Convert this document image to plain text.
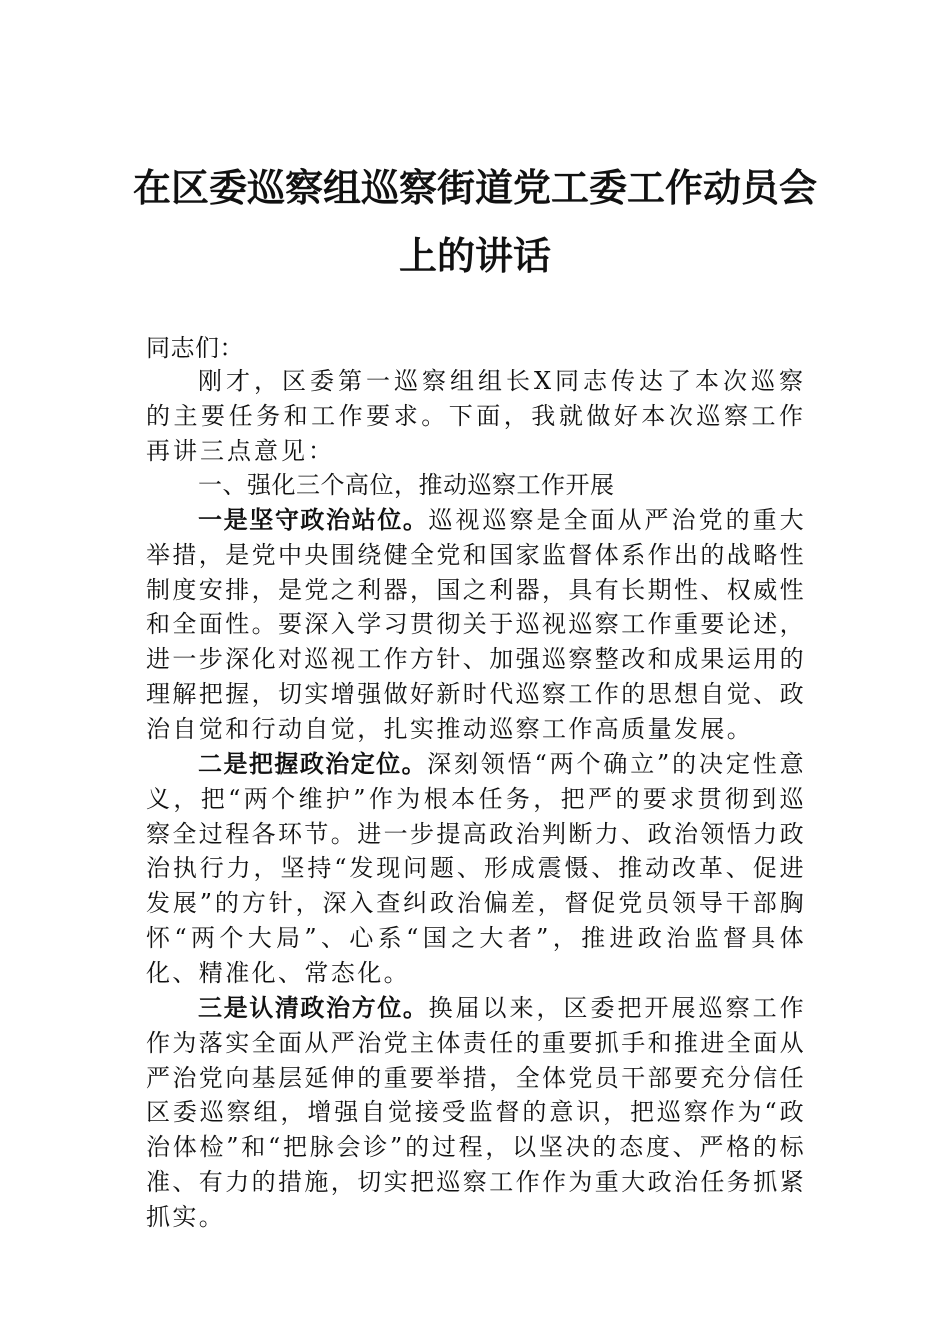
在区委巡察组巡察街道党工委工作动员会
上的讲话

同志们：

刚才，区委第一巡察组组长X同志传达了本次巡察的主要任务和工作要求。下面，我就做好本次巡察工作再讲三点意见：

一、强化三个高位，推动巡察工作开展

一是坚守政治站位。巡视巡察是全面从严治党的重大举措，是党中央围绕健全党和国家监督体系作出的战略性制度安排，是党之利器，国之利器，具有长期性、权威性和全面性。要深入学习贯彻关于巡视巡察工作重要论述，进一步深化对巡视工作方针、加强巡察整改和成果运用的理解把握，切实增强做好新时代巡察工作的思想自觉、政治自觉和行动自觉，扎实推动巡察工作高质量发展。

二是把握政治定位。深刻领悟“两个确立”的决定性意义，把“两个维护”作为根本任务，把严的要求贯彻到巡察全过程各环节。进一步提高政治判断力、政治领悟力政治执行力，坚持“发现问题、形成震慑、推动改革、促进发展”的方针，深入查纠政治偏差，督促党员领导干部胸怀“两个大局”、心系“国之大者”，推进政治监督具体化、精准化、常态化。

三是认清政治方位。换届以来，区委把开展巡察工作作为落实全面从严治党主体责任的重要抓手和推进全面从严治党向基层延伸的重要举措，全体党员干部要充分信任区委巡察组，增强自觉接受监督的意识，把巡察作为“政治体检”和“把脉会诊”的过程，以坚决的态度、严格的标准、有力的措施，切实把巡察工作作为重大政治任务抓紧抓实。
